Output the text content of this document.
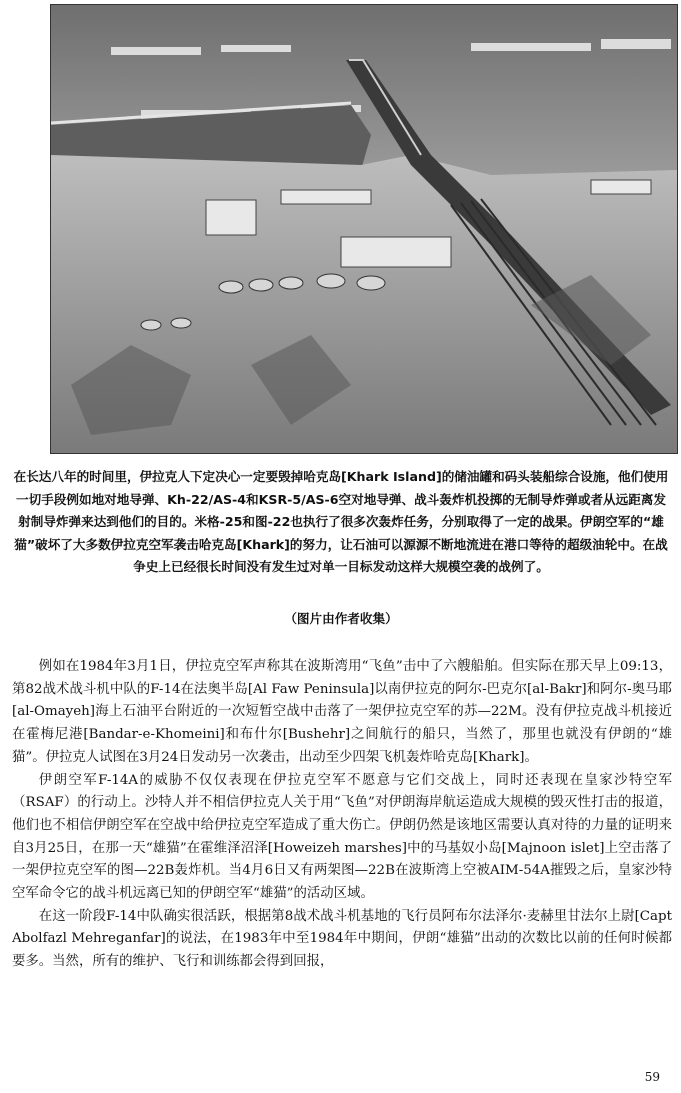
在长达八年的时间里，伊拉克人下定决心一定要毁掉哈克岛[Khark Island]的储油罐和码头装船综合设施，他们使用一切手段例如地对地导弹、Kh-22/AS-4和KSR-5/AS-6空对地导弹、战斗轰炸机投掷的无制导炸弹或者从远距离发射制导炸弹来达到他们的目的。米格-25和图-22也执行了很多次轰炸任务，分别取得了一定的战果。伊朗空军的“雄猫”破坏了大多数伊拉克空军袭击哈克岛[Khark]的努力，让石油可以源源不断地流进在港口等待的超级油轮中。在战争史上已经很长时间没有发生过对单一目标发动这样大规模空袭的战例了。

（图片由作者收集）

例如在1984年3月1日，伊拉克空军声称其在波斯湾用“飞鱼”击中了六艘船舶。但实际在那天早上09:13，第82战术战斗机中队的F-14在法奥半岛[Al Faw Peninsula]以南伊拉克的阿尔-巴克尔[al-Bakr]和阿尔-奥马耶[al-Omayeh]海上石油平台附近的一次短暂空战中击落了一架伊拉克空军的苏—22M。没有伊拉克战斗机接近在霍梅尼港[Bandar-e-Khomeini]和布什尔[Bushehr]之间航行的船只，当然了，那里也就没有伊朗的“雄猫”。伊拉克人试图在3月24日发动另一次袭击，出动至少四架飞机轰炸哈克岛[Khark]。

伊朗空军F-14A的威胁不仅仅表现在伊拉克空军不愿意与它们交战上，同时还表现在皇家沙特空军（RSAF）的行动上。沙特人并不相信伊拉克人关于用“飞鱼”对伊朗海岸航运造成大规模的毁灭性打击的报道，他们也不相信伊朗空军在空战中给伊拉克空军造成了重大伤亡。伊朗仍然是该地区需要认真对待的力量的证明来自3月25日，在那一天“雄猫”在霍维泽沼泽[Howeizeh marshes]中的马基奴小岛[Majnoon islet]上空击落了一架伊拉克空军的图—22B轰炸机。当4月6日又有两架图—22B在波斯湾上空被AIM-54A摧毁之后，皇家沙特空军命令它的战斗机远离已知的伊朗空军“雄猫”的活动区域。

在这一阶段F-14中队确实很活跃，根据第8战术战斗机基地的飞行员阿布尔法泽尔·麦赫里甘法尔上尉[Capt Abolfazl Mehreganfar]的说法，在1983年中至1984年中期间，伊朗“雄猫”出动的次数比以前的任何时候都要多。当然，所有的维护、飞行和训练都会得到回报，

59
